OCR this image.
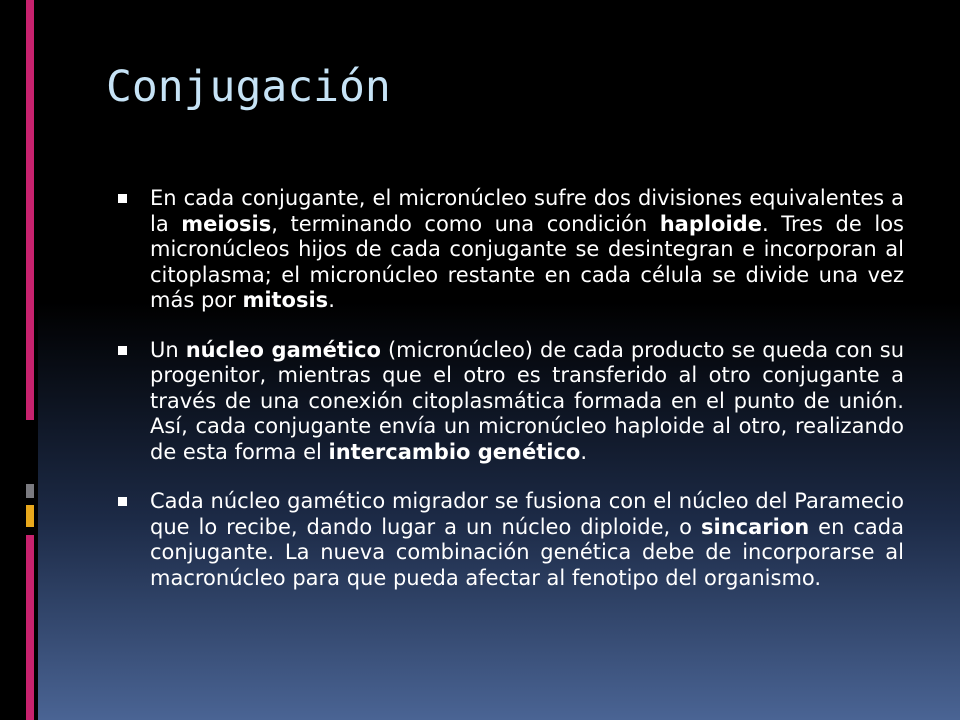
Conjugación
En cada conjugante, el micronúcleo sufre dos divisiones equivalentes a la meiosis, terminando como una condición haploide. Tres de los micronúcleos hijos de cada conjugante se desintegran e incorporan al citoplasma; el micronúcleo restante en cada célula se divide una vez más por mitosis.
Un núcleo gamético (micronúcleo) de cada producto se queda con su progenitor, mientras que el otro es transferido al otro conjugante a través de una conexión citoplasmática formada en el punto de unión. Así, cada conjugante envía un micronúcleo haploide al otro, realizando de esta forma el intercambio genético.
Cada núcleo gamético migrador se fusiona con el núcleo del Paramecio que lo recibe, dando lugar a un núcleo diploide, o sincarion en cada conjugante. La nueva combinación genética debe de incorporarse al macronúcleo para que pueda afectar al fenotipo del organismo.
